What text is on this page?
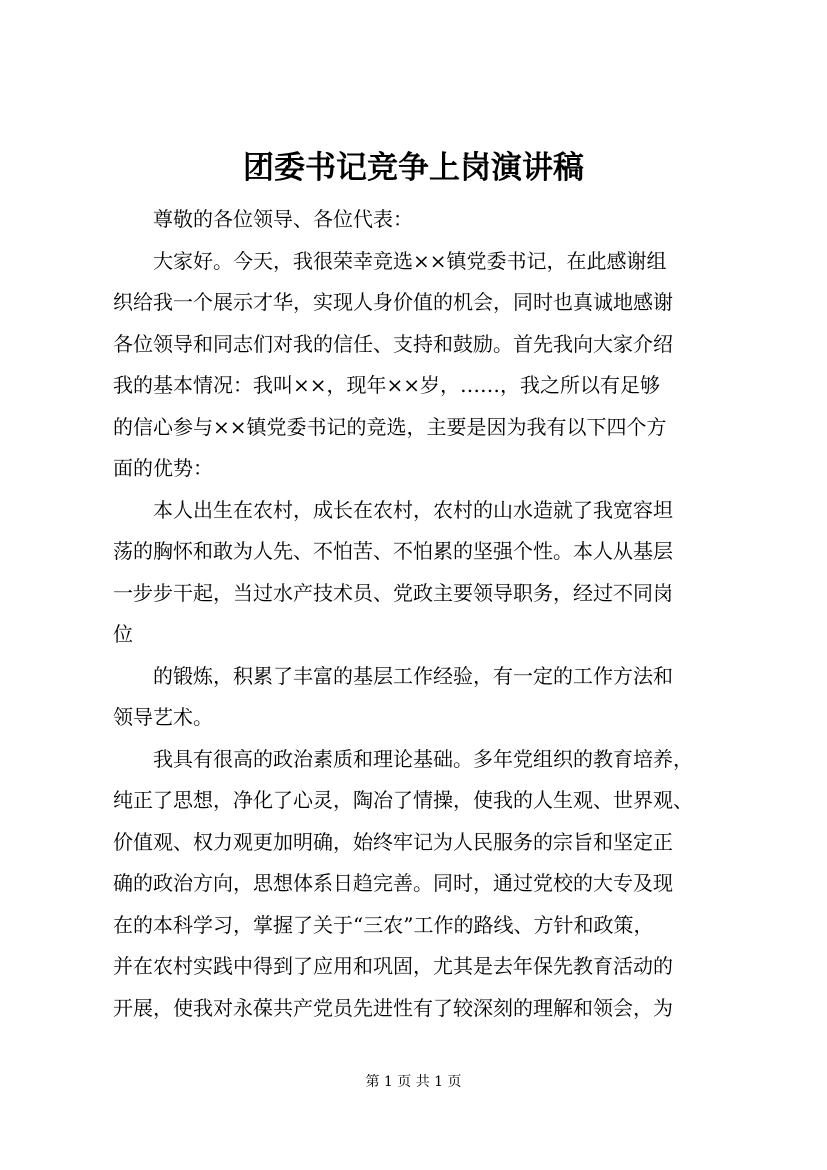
团委书记竞争上岗演讲稿
　　尊敬的各位领导、各位代表：
　　大家好。今天，我很荣幸竞选××镇党委书记，在此感谢组
织给我一个展示才华，实现人身价值的机会，同时也真诚地感谢
各位领导和同志们对我的信任、支持和鼓励。首先我向大家介绍
我的基本情况：我叫××，现年××岁，……，我之所以有足够
的信心参与××镇党委书记的竞选，主要是因为我有以下四个方
面的优势：
　　本人出生在农村，成长在农村，农村的山水造就了我宽容坦
荡的胸怀和敢为人先、不怕苦、不怕累的坚强个性。本人从基层
一步步干起，当过水产技术员、党政主要领导职务，经过不同岗
位
　　的锻炼，积累了丰富的基层工作经验，有一定的工作方法和
领导艺术。
　　我具有很高的政治素质和理论基础。多年党组织的教育培养，
纯正了思想，净化了心灵，陶冶了情操，使我的人生观、世界观、
价值观、权力观更加明确，始终牢记为人民服务的宗旨和坚定正
确的政治方向，思想体系日趋完善。同时，通过党校的大专及现
在的本科学习，掌握了关于“三农”工作的路线、方针和政策，
并在农村实践中得到了应用和巩固，尤其是去年保先教育活动的
开展，使我对永葆共产党员先进性有了较深刻的理解和领会，为
第 1 页 共 1 页
